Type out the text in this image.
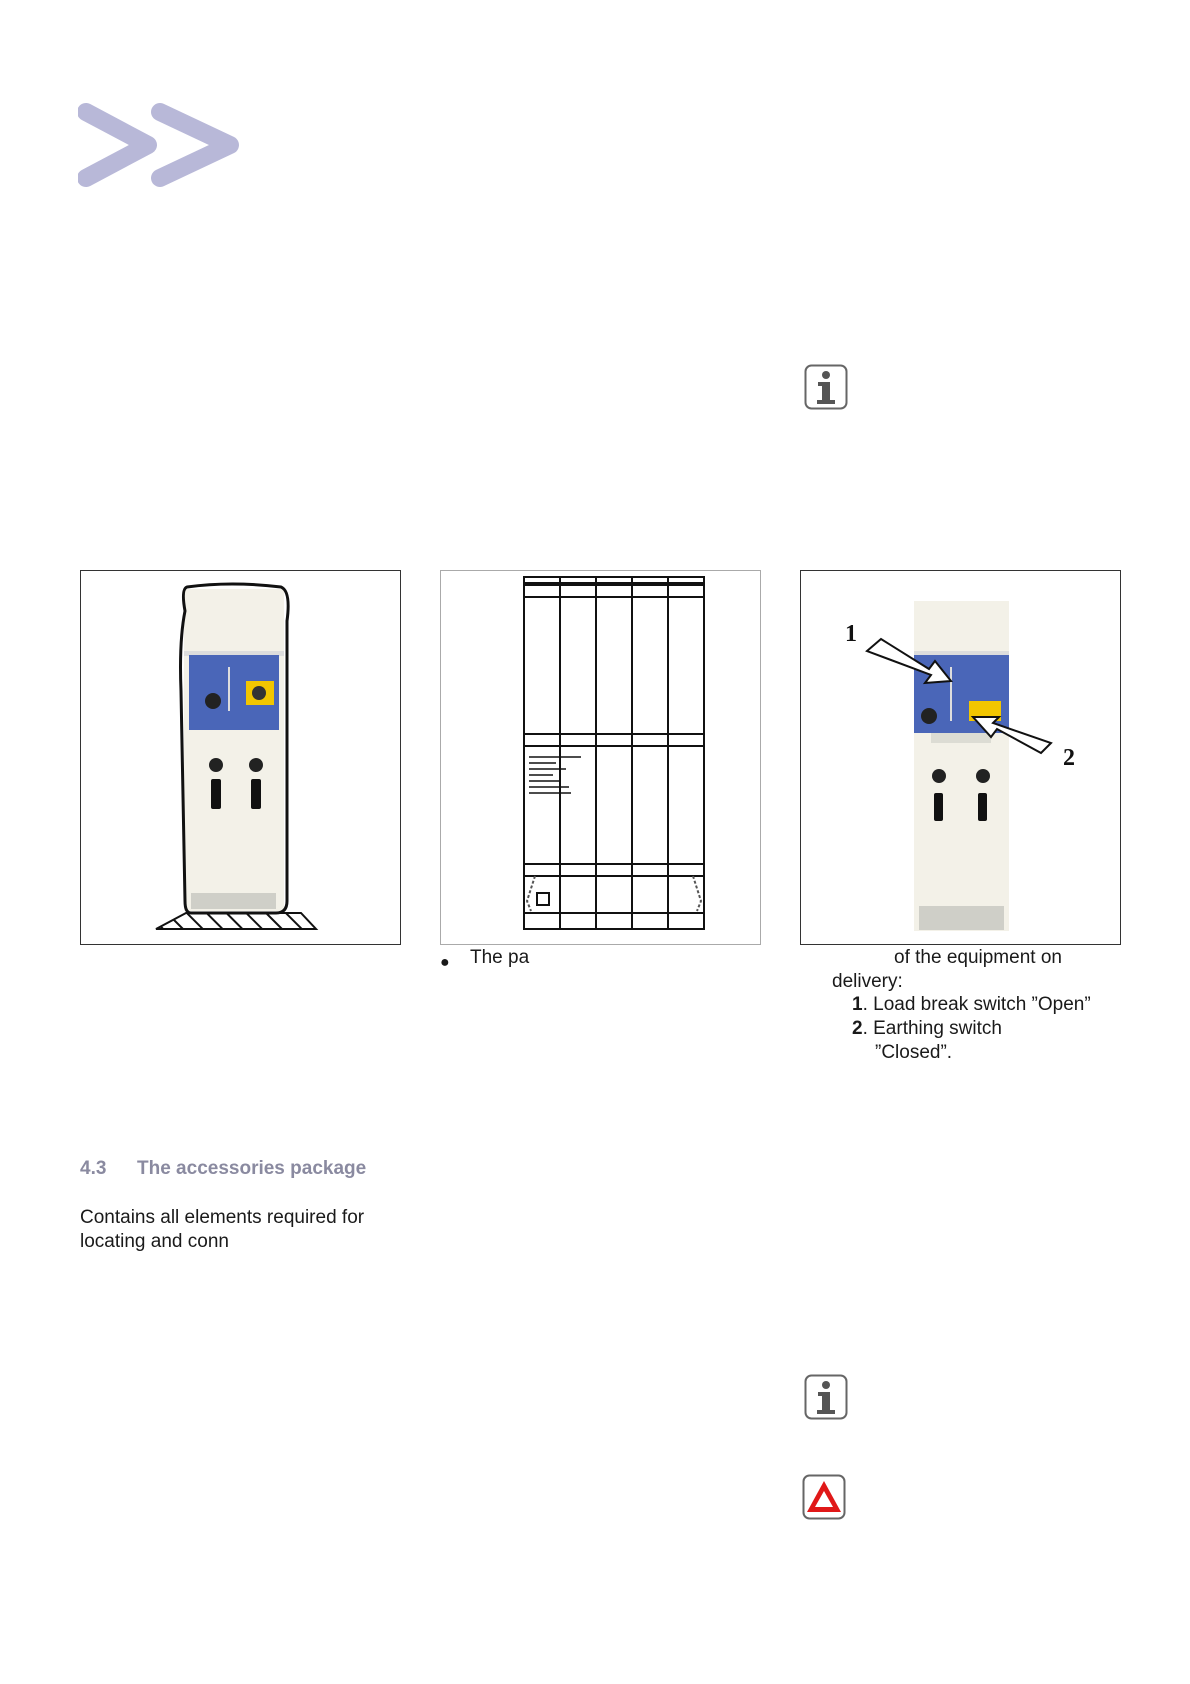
1
2
● The pa	of the equipment on
delivery:
1. Load break switch ”Open”
2. Earthing switch
”Closed”.
4.3 The accessories package
Contains all elements required for
locating and conn
